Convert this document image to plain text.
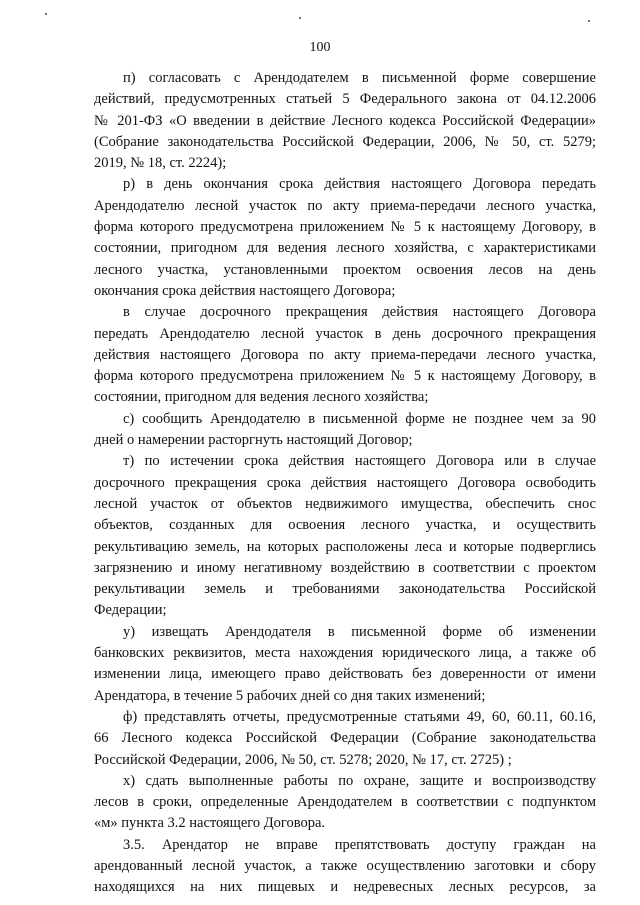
100
п) согласовать с Арендодателем в письменной форме совершение
действий, предусмотренных статьей 5 Федерального закона от 04.12.2006
№ 201-ФЗ «О введении в действие Лесного кодекса Российской Федерации»
(Собрание законодательства Российской Федерации, 2006, № 50, ст. 5279;
2019, № 18, ст. 2224);
р) в день окончания срока действия настоящего Договора передать
Арендодателю лесной участок по акту приема-передачи лесного участка,
форма которого предусмотрена приложением № 5 к настоящему Договору, в
состоянии, пригодном для ведения лесного хозяйства, с характеристиками
лесного участка, установленными проектом освоения лесов на день
окончания срока действия настоящего Договора;
в случае досрочного прекращения действия настоящего Договора
передать Арендодателю лесной участок в день досрочного прекращения
действия настоящего Договора по акту приема-передачи лесного участка,
форма которого предусмотрена приложением № 5 к настоящему Договору, в
состоянии, пригодном для ведения лесного хозяйства;
с) сообщить Арендодателю в письменной форме не позднее чем за 90
дней о намерении расторгнуть настоящий Договор;
т) по истечении срока действия настоящего Договора или в случае
досрочного прекращения срока действия настоящего Договора освободить
лесной участок от объектов недвижимого имущества, обеспечить снос
объектов, созданных для освоения лесного участка, и осуществить
рекультивацию земель, на которых расположены леса и которые подверглись
загрязнению и иному негативному воздействию в соответствии с проектом
рекультивации земель и требованиями законодательства Российской
Федерации;
у) извещать Арендодателя в письменной форме об изменении
банковских реквизитов, места нахождения юридического лица, а также об
изменении лица, имеющего право действовать без доверенности от имени
Арендатора, в течение 5 рабочих дней со дня таких изменений;
ф) представлять отчеты, предусмотренные статьями 49, 60, 60.11, 60.16,
66 Лесного кодекса Российской Федерации (Собрание законодательства
Российской Федерации, 2006, № 50, ст. 5278; 2020, № 17, ст. 2725) ;
х) сдать выполненные работы по охране, защите и воспроизводству
лесов в сроки, определенные Арендодателем в соответствии с подпунктом
«м» пункта 3.2 настоящего Договора.
3.5. Арендатор не вправе препятствовать доступу граждан на
арендованный лесной участок, а также осуществлению заготовки и сбору
находящихся на них пищевых и недревесных лесных ресурсов, за
